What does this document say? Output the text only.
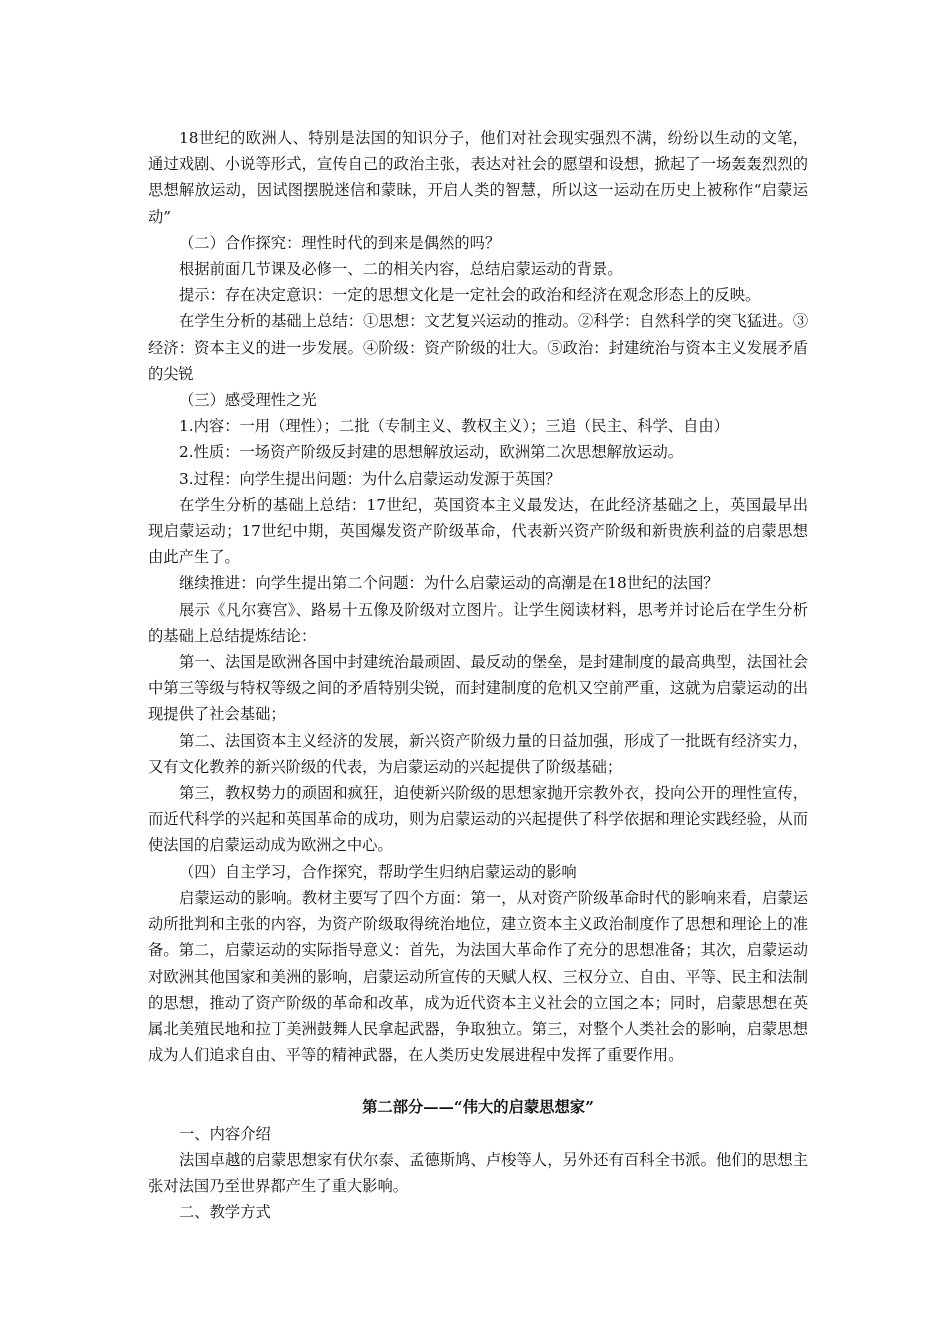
18世纪的欧洲人、特别是法国的知识分子，他们对社会现实强烈不满，纷纷以生动的文笔，通过戏剧、小说等形式，宣传自己的政治主张，表达对社会的愿望和设想，掀起了一场轰轰烈烈的思想解放运动，因试图摆脱迷信和蒙昧，开启人类的智慧，所以这一运动在历史上被称作“启蒙运动”

（二）合作探究：理性时代的到来是偶然的吗？

根据前面几节课及必修一、二的相关内容，总结启蒙运动的背景。

提示：存在决定意识：一定的思想文化是一定社会的政治和经济在观念形态上的反映。

在学生分析的基础上总结：①思想：文艺复兴运动的推动。②科学：自然科学的突飞猛进。③经济：资本主义的进一步发展。④阶级：资产阶级的壮大。⑤政治：封建统治与资本主义发展矛盾的尖锐

（三）感受理性之光

1.内容：一用（理性）；二批（专制主义、教权主义）；三追（民主、科学、自由）

2.性质：一场资产阶级反封建的思想解放运动，欧洲第二次思想解放运动。

3.过程：向学生提出问题：为什么启蒙运动发源于英国？

在学生分析的基础上总结：17世纪，英国资本主义最发达，在此经济基础之上，英国最早出现启蒙运动；17世纪中期，英国爆发资产阶级革命，代表新兴资产阶级和新贵族利益的启蒙思想由此产生了。

继续推进：向学生提出第二个问题：为什么启蒙运动的高潮是在18世纪的法国？

展示《凡尔赛宫》、路易十五像及阶级对立图片。让学生阅读材料，思考并讨论后在学生分析的基础上总结提炼结论：

第一、法国是欧洲各国中封建统治最顽固、最反动的堡垒，是封建制度的最高典型，法国社会中第三等级与特权等级之间的矛盾特别尖锐，而封建制度的危机又空前严重，这就为启蒙运动的出现提供了社会基础；

第二、法国资本主义经济的发展，新兴资产阶级力量的日益加强，形成了一批既有经济实力，又有文化教养的新兴阶级的代表，为启蒙运动的兴起提供了阶级基础；

第三，教权势力的顽固和疯狂，迫使新兴阶级的思想家抛开宗教外衣，投向公开的理性宣传，而近代科学的兴起和英国革命的成功，则为启蒙运动的兴起提供了科学依据和理论实践经验，从而使法国的启蒙运动成为欧洲之中心。

（四）自主学习，合作探究，帮助学生归纳启蒙运动的影响

启蒙运动的影响。教材主要写了四个方面：第一，从对资产阶级革命时代的影响来看，启蒙运动所批判和主张的内容，为资产阶级取得统治地位，建立资本主义政治制度作了思想和理论上的准备。第二，启蒙运动的实际指导意义：首先，为法国大革命作了充分的思想准备；其次，启蒙运动对欧洲其他国家和美洲的影响，启蒙运动所宣传的天赋人权、三权分立、自由、平等、民主和法制的思想，推动了资产阶级的革命和改革，成为近代资本主义社会的立国之本；同时，启蒙思想在英属北美殖民地和拉丁美洲鼓舞人民拿起武器，争取独立。第三，对整个人类社会的影响，启蒙思想成为人们追求自由、平等的精神武器，在人类历史发展进程中发挥了重要作用。

第二部分——“伟大的启蒙思想家”

一、内容介绍

法国卓越的启蒙思想家有伏尔泰、孟德斯鸠、卢梭等人，另外还有百科全书派。他们的思想主张对法国乃至世界都产生了重大影响。

二、教学方式
